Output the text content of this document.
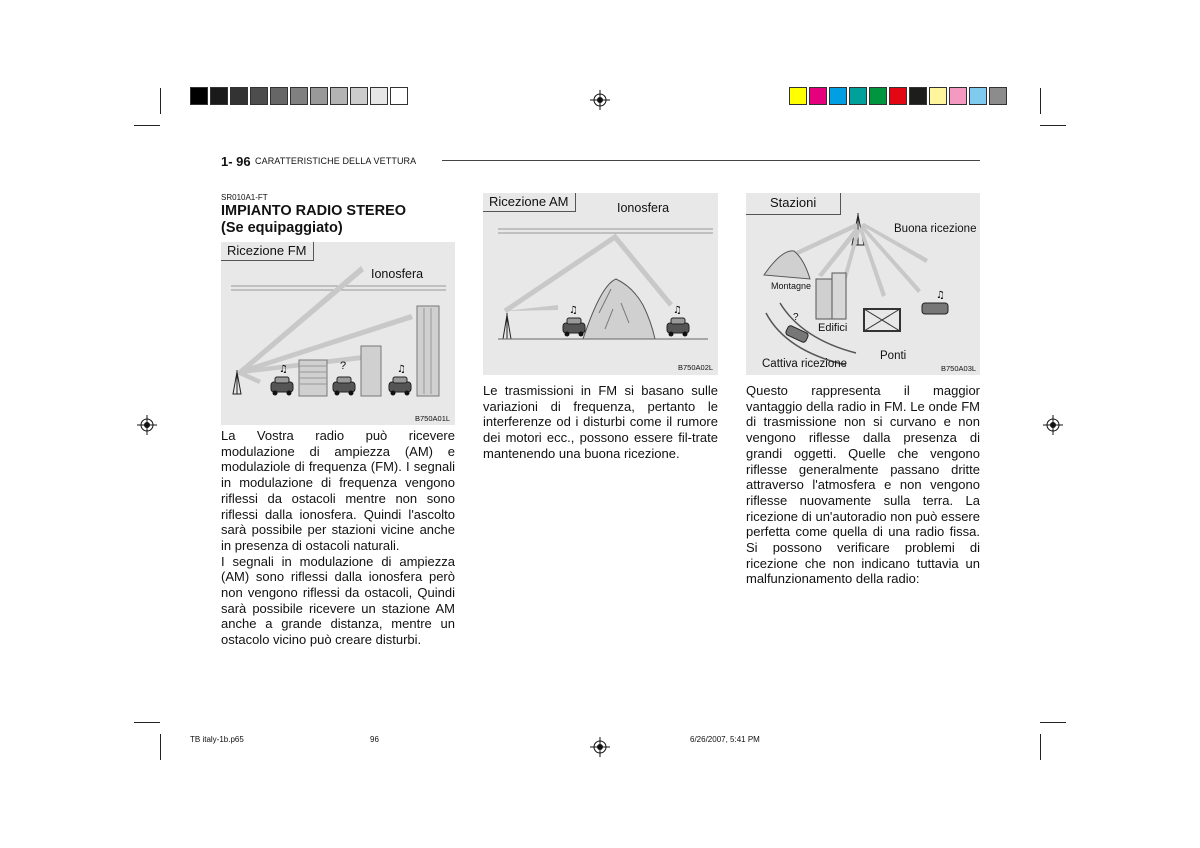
1- 96 CARATTERISTICHE DELLA VETTURA
SR010A1-FT
IMPIANTO RADIO STEREO
(Se equipaggiato)
♫	♫
Ricezione FM
Ionosfera
?
B750A01L
♫	♫
Ricezione AM	Ionosfera
B750A02L
♫
Stazioni
Buona ricezione
Montagne
Edifici
?
Ponti
Cattiva ricezione	B750A03L

La Vostra radio può ricevere modulazione di ampiezza (AM) e modulaziole di frequenza (FM). I segnali in modulazione di frequenza vengono riflessi da ostacoli mentre non sono riflessi dalla ionosfera. Quindi l'ascolto sarà possibile per stazioni vicine anche in presenza di ostacoli naturali.

I segnali in modulazione di ampiezza (AM) sono riflessi dalla ionosfera però non vengono riflessi da ostacoli, Quindi sarà possibile ricevere un stazione AM anche a grande distanza, mentre un ostacolo vicino può creare disturbi.

Le trasmissioni in FM si basano sulle variazioni di frequenza, pertanto le interferenze od i disturbi come il rumore dei motori ecc., possono essere fil-trate mantenendo una buona ricezione.

Questo rappresenta il maggior vantaggio della radio in FM. Le onde FM di trasmissione non si curvano e non vengono riflesse dalla presenza di grandi oggetti. Quelle che vengono riflesse generalmente passano dritte attraverso l'atmosfera e non vengono riflesse nuovamente sulla terra. La ricezione di un'autoradio non può essere perfetta come quella di una radio fissa. Si possono verificare problemi di ricezione che non indicano tuttavia un malfunzionamento della radio:

TB italy-1b.p65	96	6/26/2007, 5:41 PM
